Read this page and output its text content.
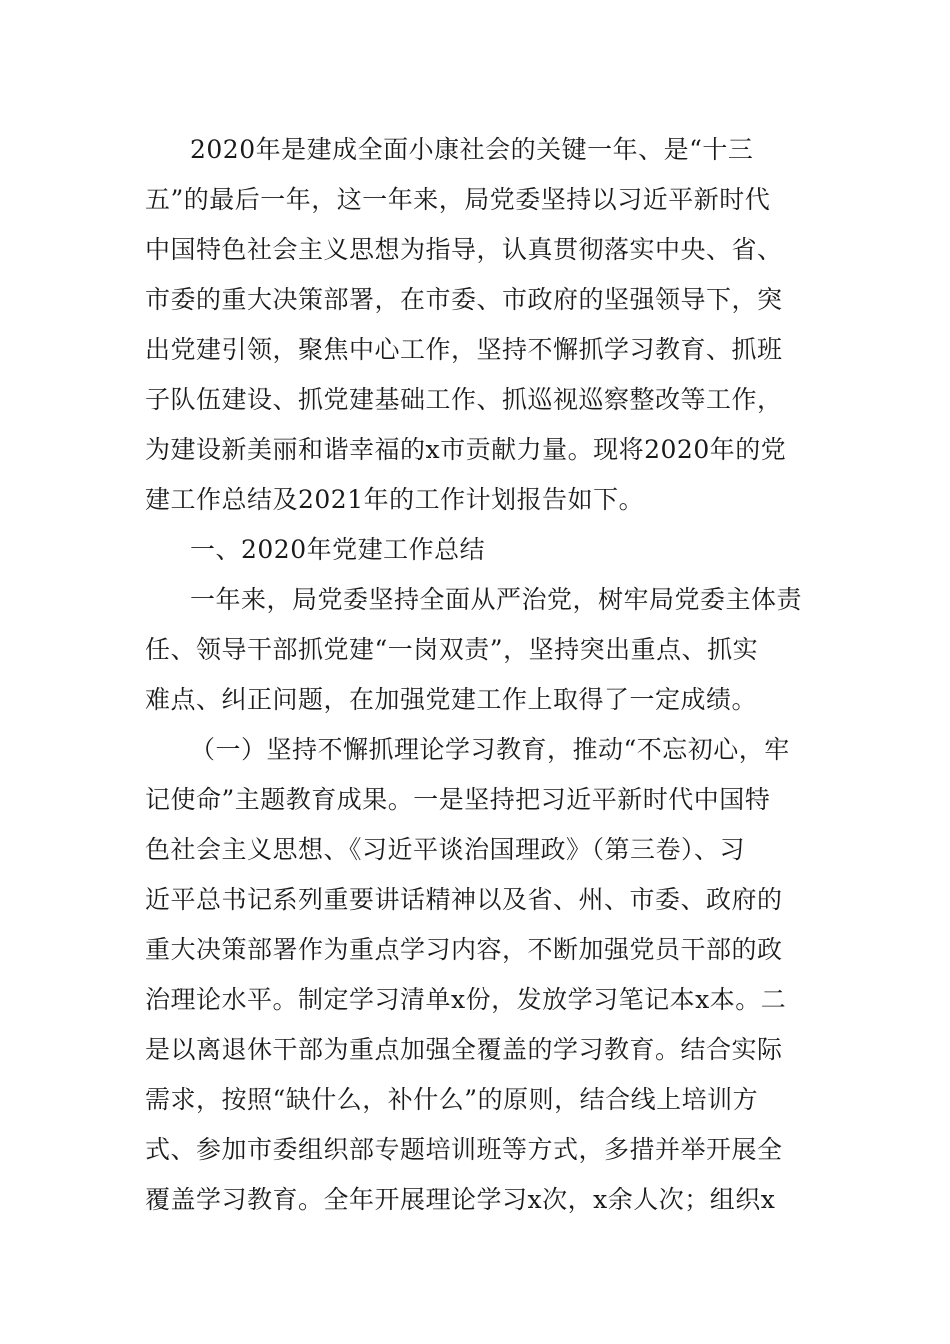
2020年是建成全面小康社会的关键一年、是“十三
五”的最后一年，这一年来，局党委坚持以习近平新时代
中国特色社会主义思想为指导，认真贯彻落实中央、省、
市委的重大决策部署，在市委、市政府的坚强领导下，突
出党建引领，聚焦中心工作，坚持不懈抓学习教育、抓班
子队伍建设、抓党建基础工作、抓巡视巡察整改等工作，
为建设新美丽和谐幸福的x市贡献力量。现将2020年的党
建工作总结及2021年的工作计划报告如下。
一、2020年党建工作总结
一年来，局党委坚持全面从严治党，树牢局党委主体责
任、领导干部抓党建“一岗双责”，坚持突出重点、抓实
难点、纠正问题，在加强党建工作上取得了一定成绩。
（一）坚持不懈抓理论学习教育，推动“不忘初心，牢
记使命”主题教育成果。一是坚持把习近平新时代中国特
色社会主义思想、《习近平谈治国理政》（第三卷）、习
近平总书记系列重要讲话精神以及省、州、市委、政府的
重大决策部署作为重点学习内容，不断加强党员干部的政
治理论水平。制定学习清单x份，发放学习笔记本x本。二
是以离退休干部为重点加强全覆盖的学习教育。结合实际
需求，按照“缺什么，补什么”的原则，结合线上培训方
式、参加市委组织部专题培训班等方式，多措并举开展全
覆盖学习教育。全年开展理论学习x次，x余人次；组织x
